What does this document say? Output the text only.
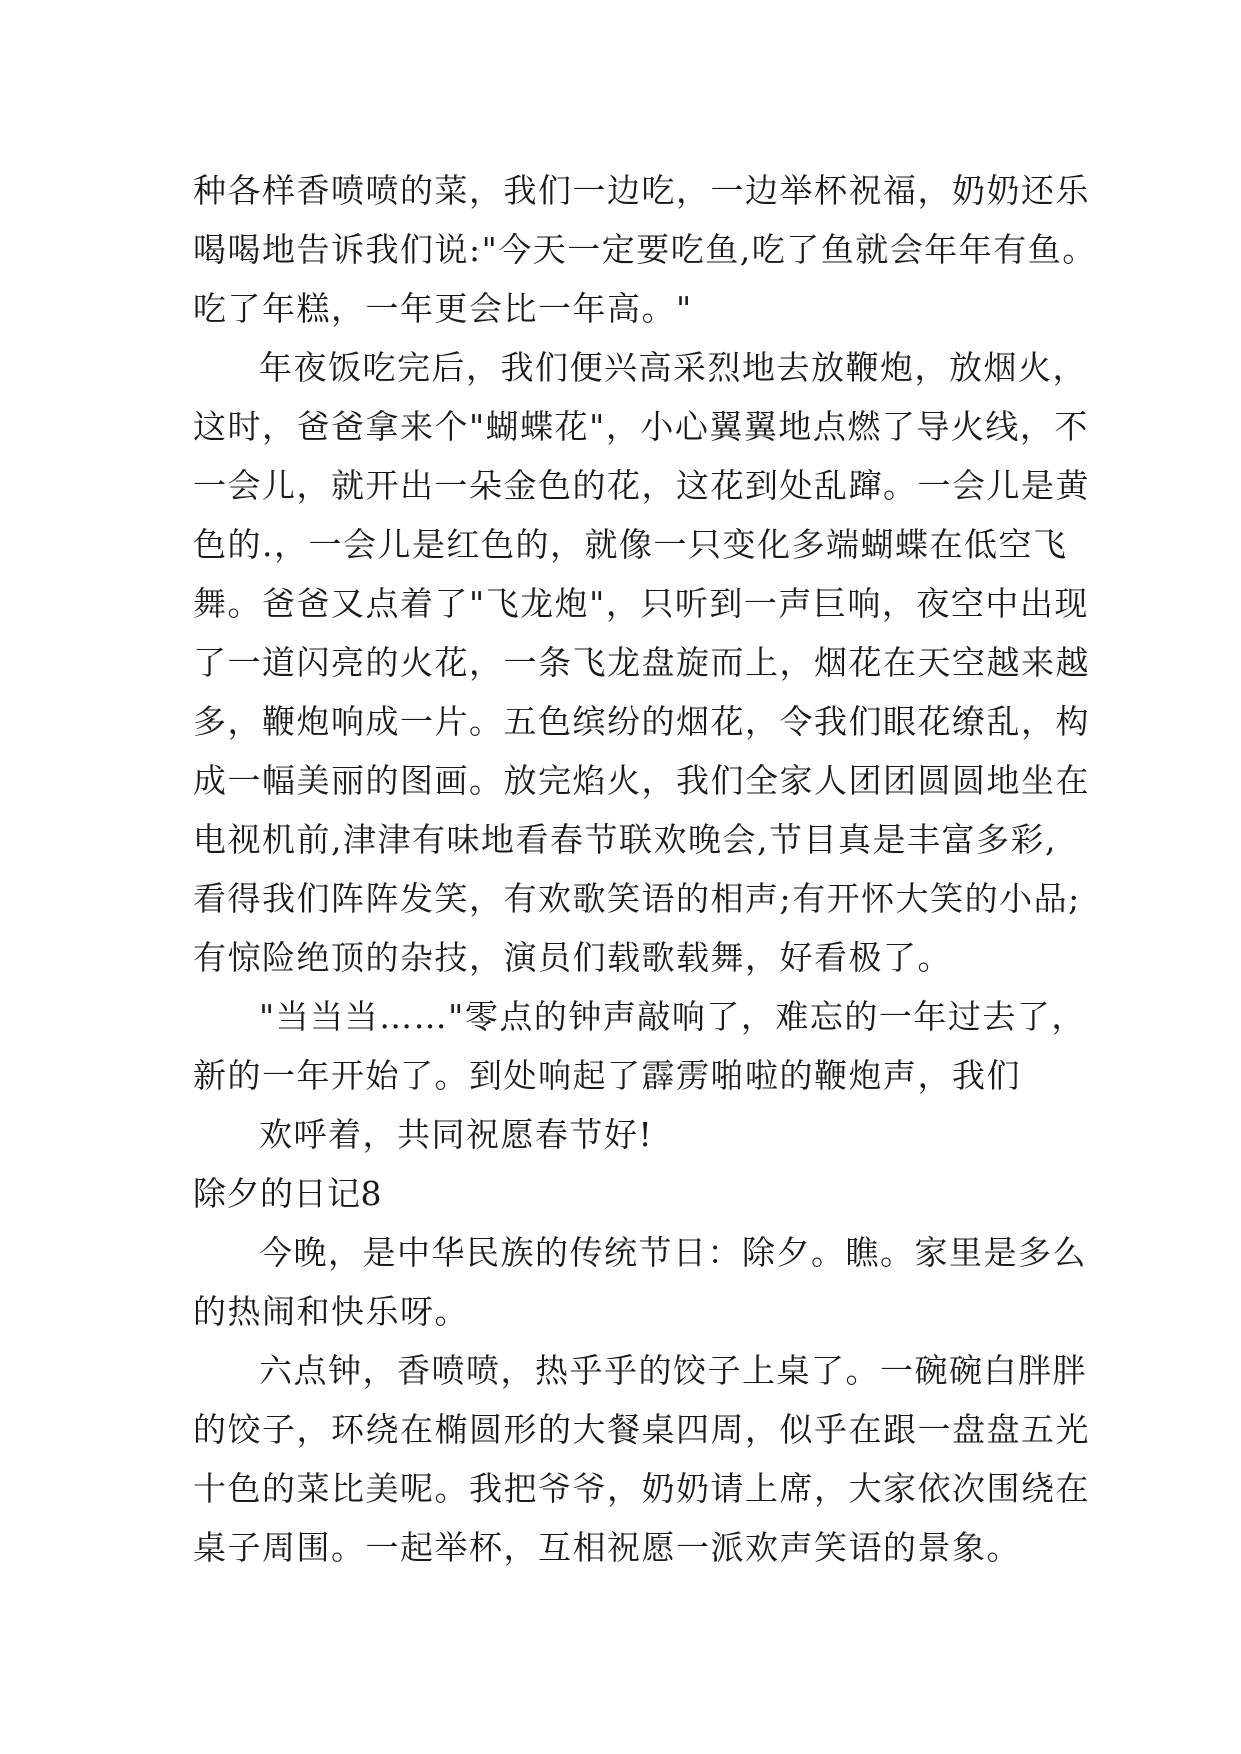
种各样香喷喷的菜，我们一边吃，一边举杯祝福，奶奶还乐
喝喝地告诉我们说:"今天一定要吃鱼,吃了鱼就会年年有鱼。
吃了年糕，一年更会比一年高。"
年夜饭吃完后，我们便兴高采烈地去放鞭炮，放烟火，
这时，爸爸拿来个"蝴蝶花"，小心翼翼地点燃了导火线，不
一会儿，就开出一朵金色的花，这花到处乱蹿。一会儿是黄
色的.，一会儿是红色的，就像一只变化多端蝴蝶在低空飞
舞。爸爸又点着了"飞龙炮"，只听到一声巨响，夜空中出现
了一道闪亮的火花，一条飞龙盘旋而上，烟花在天空越来越
多，鞭炮响成一片。五色缤纷的烟花，令我们眼花缭乱，构
成一幅美丽的图画。放完焰火，我们全家人团团圆圆地坐在
电视机前,津津有味地看春节联欢晚会,节目真是丰富多彩,
看得我们阵阵发笑，有欢歌笑语的相声;有开怀大笑的小品;
有惊险绝顶的杂技，演员们载歌载舞，好看极了。
"当当当……"零点的钟声敲响了，难忘的一年过去了，
新的一年开始了。到处响起了霹雳啪啦的鞭炮声，我们
欢呼着，共同祝愿春节好!
除夕的日记8
今晚，是中华民族的传统节日：除夕。瞧。家里是多么
的热闹和快乐呀。
六点钟，香喷喷，热乎乎的饺子上桌了。一碗碗白胖胖
的饺子，环绕在椭圆形的大餐桌四周，似乎在跟一盘盘五光
十色的菜比美呢。我把爷爷，奶奶请上席，大家依次围绕在
桌子周围。一起举杯，互相祝愿一派欢声笑语的景象。
